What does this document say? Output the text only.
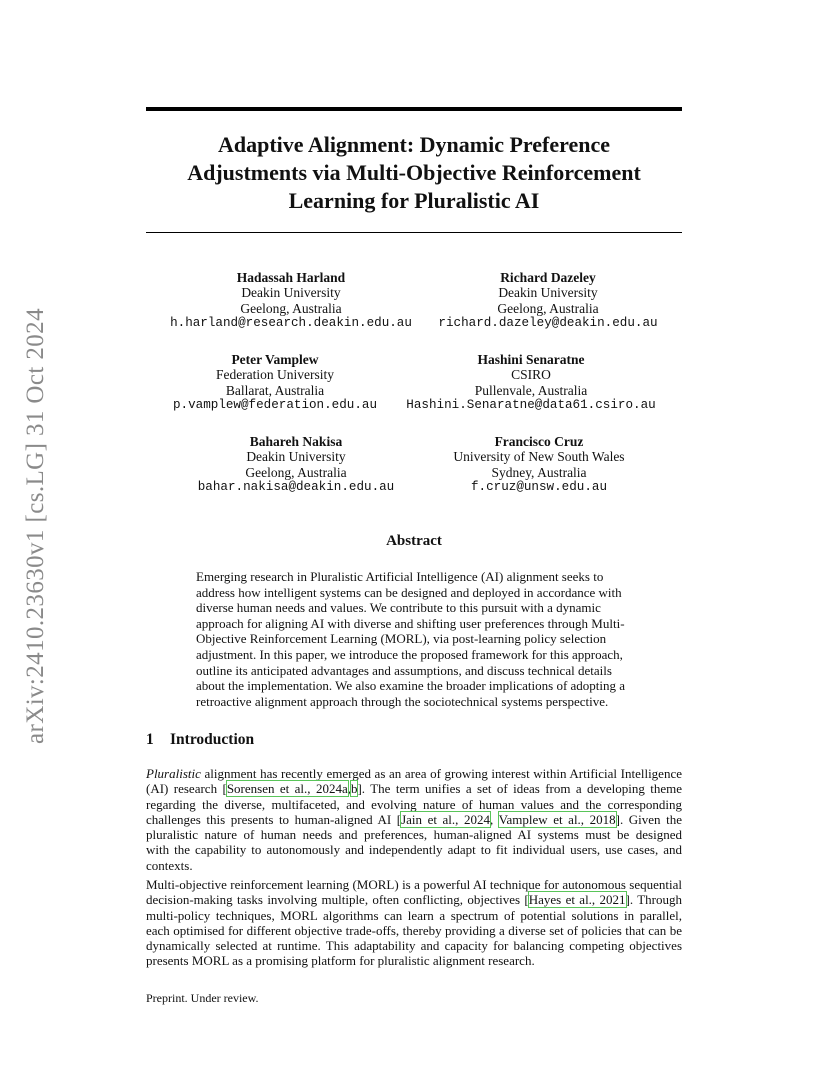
arXiv:2410.23630v1 [cs.LG] 31 Oct 2024
Adaptive Alignment: Dynamic Preference
Adjustments via Multi-Objective Reinforcement
Learning for Pluralistic AI
Hadassah Harland
Deakin University
Geelong, Australia
h.harland@research.deakin.edu.au
Richard Dazeley
Deakin University
Geelong, Australia
richard.dazeley@deakin.edu.au
Peter Vamplew
Federation University
Ballarat, Australia
p.vamplew@federation.edu.au
Hashini Senaratne
CSIRO
Pullenvale, Australia
Hashini.Senaratne@data61.csiro.au
Bahareh Nakisa
Deakin University
Geelong, Australia
bahar.nakisa@deakin.edu.au
Francisco Cruz
University of New South Wales
Sydney, Australia
f.cruz@unsw.edu.au
Abstract
Emerging research in Pluralistic Artificial Intelligence (AI) alignment seeks to
address how intelligent systems can be designed and deployed in accordance with
diverse human needs and values. We contribute to this pursuit with a dynamic
approach for aligning AI with diverse and shifting user preferences through Multi-
Objective Reinforcement Learning (MORL), via post-learning policy selection
adjustment. In this paper, we introduce the proposed framework for this approach,
outline its anticipated advantages and assumptions, and discuss technical details
about the implementation. We also examine the broader implications of adopting a
retroactive alignment approach through the sociotechnical systems perspective.
1 Introduction
Pluralistic alignment has recently emerged as an area of growing interest within Artificial Intelligence
(AI) research [Sorensen et al., 2024a,b]. The term unifies a set of ideas from a developing theme
regarding the diverse, multifaceted, and evolving nature of human values and the corresponding
challenges this presents to human-aligned AI [Jain et al., 2024, Vamplew et al., 2018]. Given the
pluralistic nature of human needs and preferences, human-aligned AI systems must be designed
with the capability to autonomously and independently adapt to fit individual users, use cases, and
contexts.
Multi-objective reinforcement learning (MORL) is a powerful AI technique for autonomous sequential
decision-making tasks involving multiple, often conflicting, objectives [Hayes et al., 2021]. Through
multi-policy techniques, MORL algorithms can learn a spectrum of potential solutions in parallel,
each optimised for different objective trade-offs, thereby providing a diverse set of policies that can be
dynamically selected at runtime. This adaptability and capacity for balancing competing objectives
presents MORL as a promising platform for pluralistic alignment research.
Preprint. Under review.
